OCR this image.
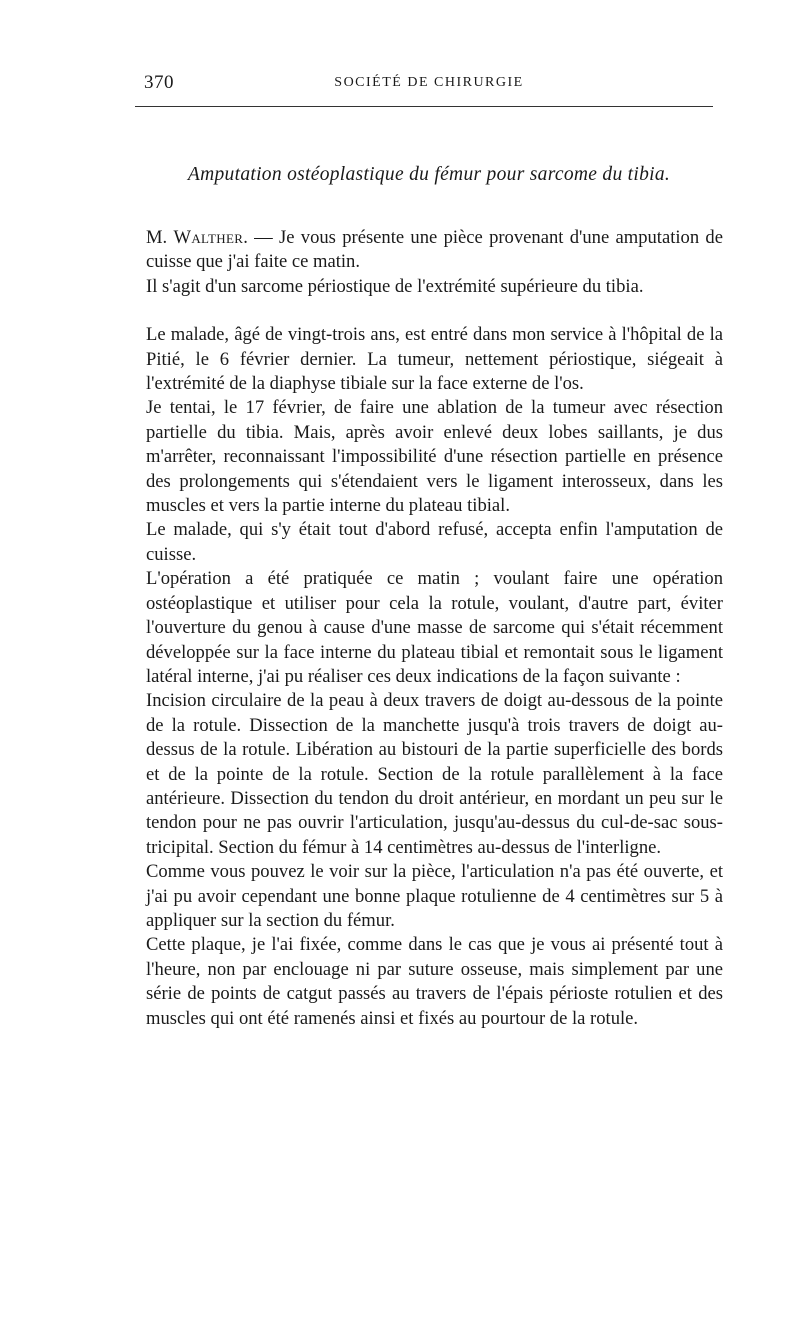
370	SOCIÉTÉ DE CHIRURGIE
Amputation ostéoplastique du fémur pour sarcome du tibia.

M. Walther. — Je vous présente une pièce provenant d'une amputation de cuisse que j'ai faite ce matin.

Il s'agit d'un sarcome périostique de l'extrémité supérieure du tibia.

Le malade, âgé de vingt-trois ans, est entré dans mon service à l'hôpital de la Pitié, le 6 février dernier. La tumeur, nettement périostique, siégeait à l'extrémité de la diaphyse tibiale sur la face externe de l'os.

Je tentai, le 17 février, de faire une ablation de la tumeur avec résection partielle du tibia. Mais, après avoir enlevé deux lobes saillants, je dus m'arrêter, reconnaissant l'impossibilité d'une résection partielle en présence des prolongements qui s'étendaient vers le ligament interosseux, dans les muscles et vers la partie interne du plateau tibial.

Le malade, qui s'y était tout d'abord refusé, accepta enfin l'amputation de cuisse.

L'opération a été pratiquée ce matin ; voulant faire une opération ostéoplastique et utiliser pour cela la rotule, voulant, d'autre part, éviter l'ouverture du genou à cause d'une masse de sarcome qui s'était récemment développée sur la face interne du plateau tibial et remontait sous le ligament latéral interne, j'ai pu réaliser ces deux indications de la façon suivante :

Incision circulaire de la peau à deux travers de doigt au-dessous de la pointe de la rotule. Dissection de la manchette jusqu'à trois travers de doigt au-dessus de la rotule. Libération au bistouri de la partie superficielle des bords et de la pointe de la rotule. Section de la rotule parallèlement à la face antérieure. Dissection du tendon du droit antérieur, en mordant un peu sur le tendon pour ne pas ouvrir l'articulation, jusqu'au-dessus du cul-de-sac sous-tricipital. Section du fémur à 14 centimètres au-dessus de l'interligne.

Comme vous pouvez le voir sur la pièce, l'articulation n'a pas été ouverte, et j'ai pu avoir cependant une bonne plaque rotulienne de 4 centimètres sur 5 à appliquer sur la section du fémur.

Cette plaque, je l'ai fixée, comme dans le cas que je vous ai présenté tout à l'heure, non par enclouage ni par suture osseuse, mais simplement par une série de points de catgut passés au travers de l'épais périoste rotulien et des muscles qui ont été ramenés ainsi et fixés au pourtour de la rotule.
